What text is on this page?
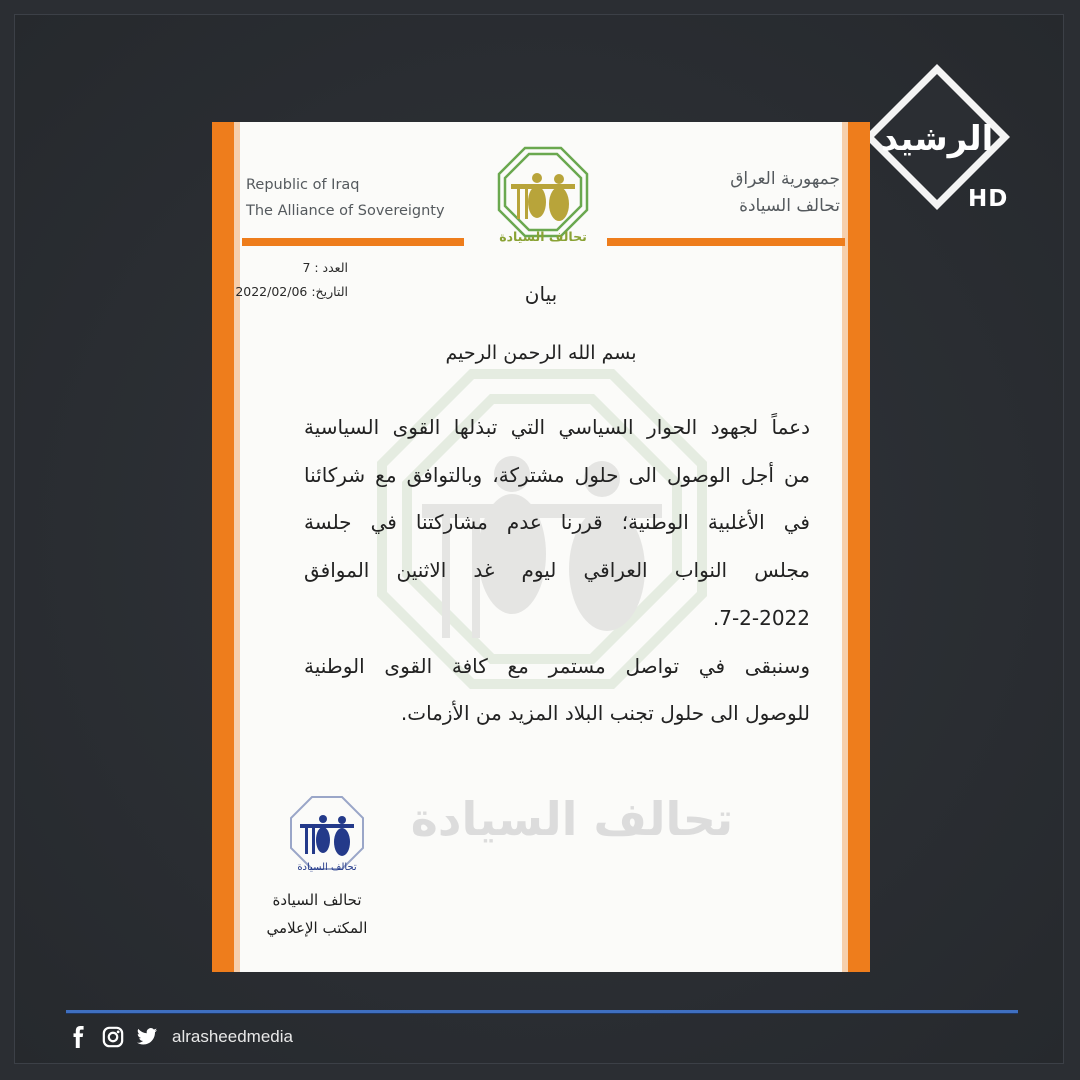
الرشيد
HD
تحالف السيادة
Republic of Iraq
The Alliance of Sovereignty
جمهورية العراق
تحالف السيادة
تحالف السيادة
العدد : 7
التاريخ: 2022/02/06	بيان
بسم الله الرحمن الرحيم
دعماً لجهود الحوار السياسي التي تبذلها القوى السياسية
من أجل الوصول الى حلول مشتركة، وبالتوافق مع شركائنا
في الأغلبية الوطنية؛ قررنا عدم مشاركتنا في جلسة
مجلس النواب العراقي ليوم غد الاثنين الموافق
7-2-2022.
وسنبقى في تواصل مستمر مع كافة القوى الوطنية
للوصول الى حلول تجنب البلاد المزيد من الأزمات.
تحالف السيادة
تحالف السيادة
المكتب الإعلامي
alrasheedmedia
